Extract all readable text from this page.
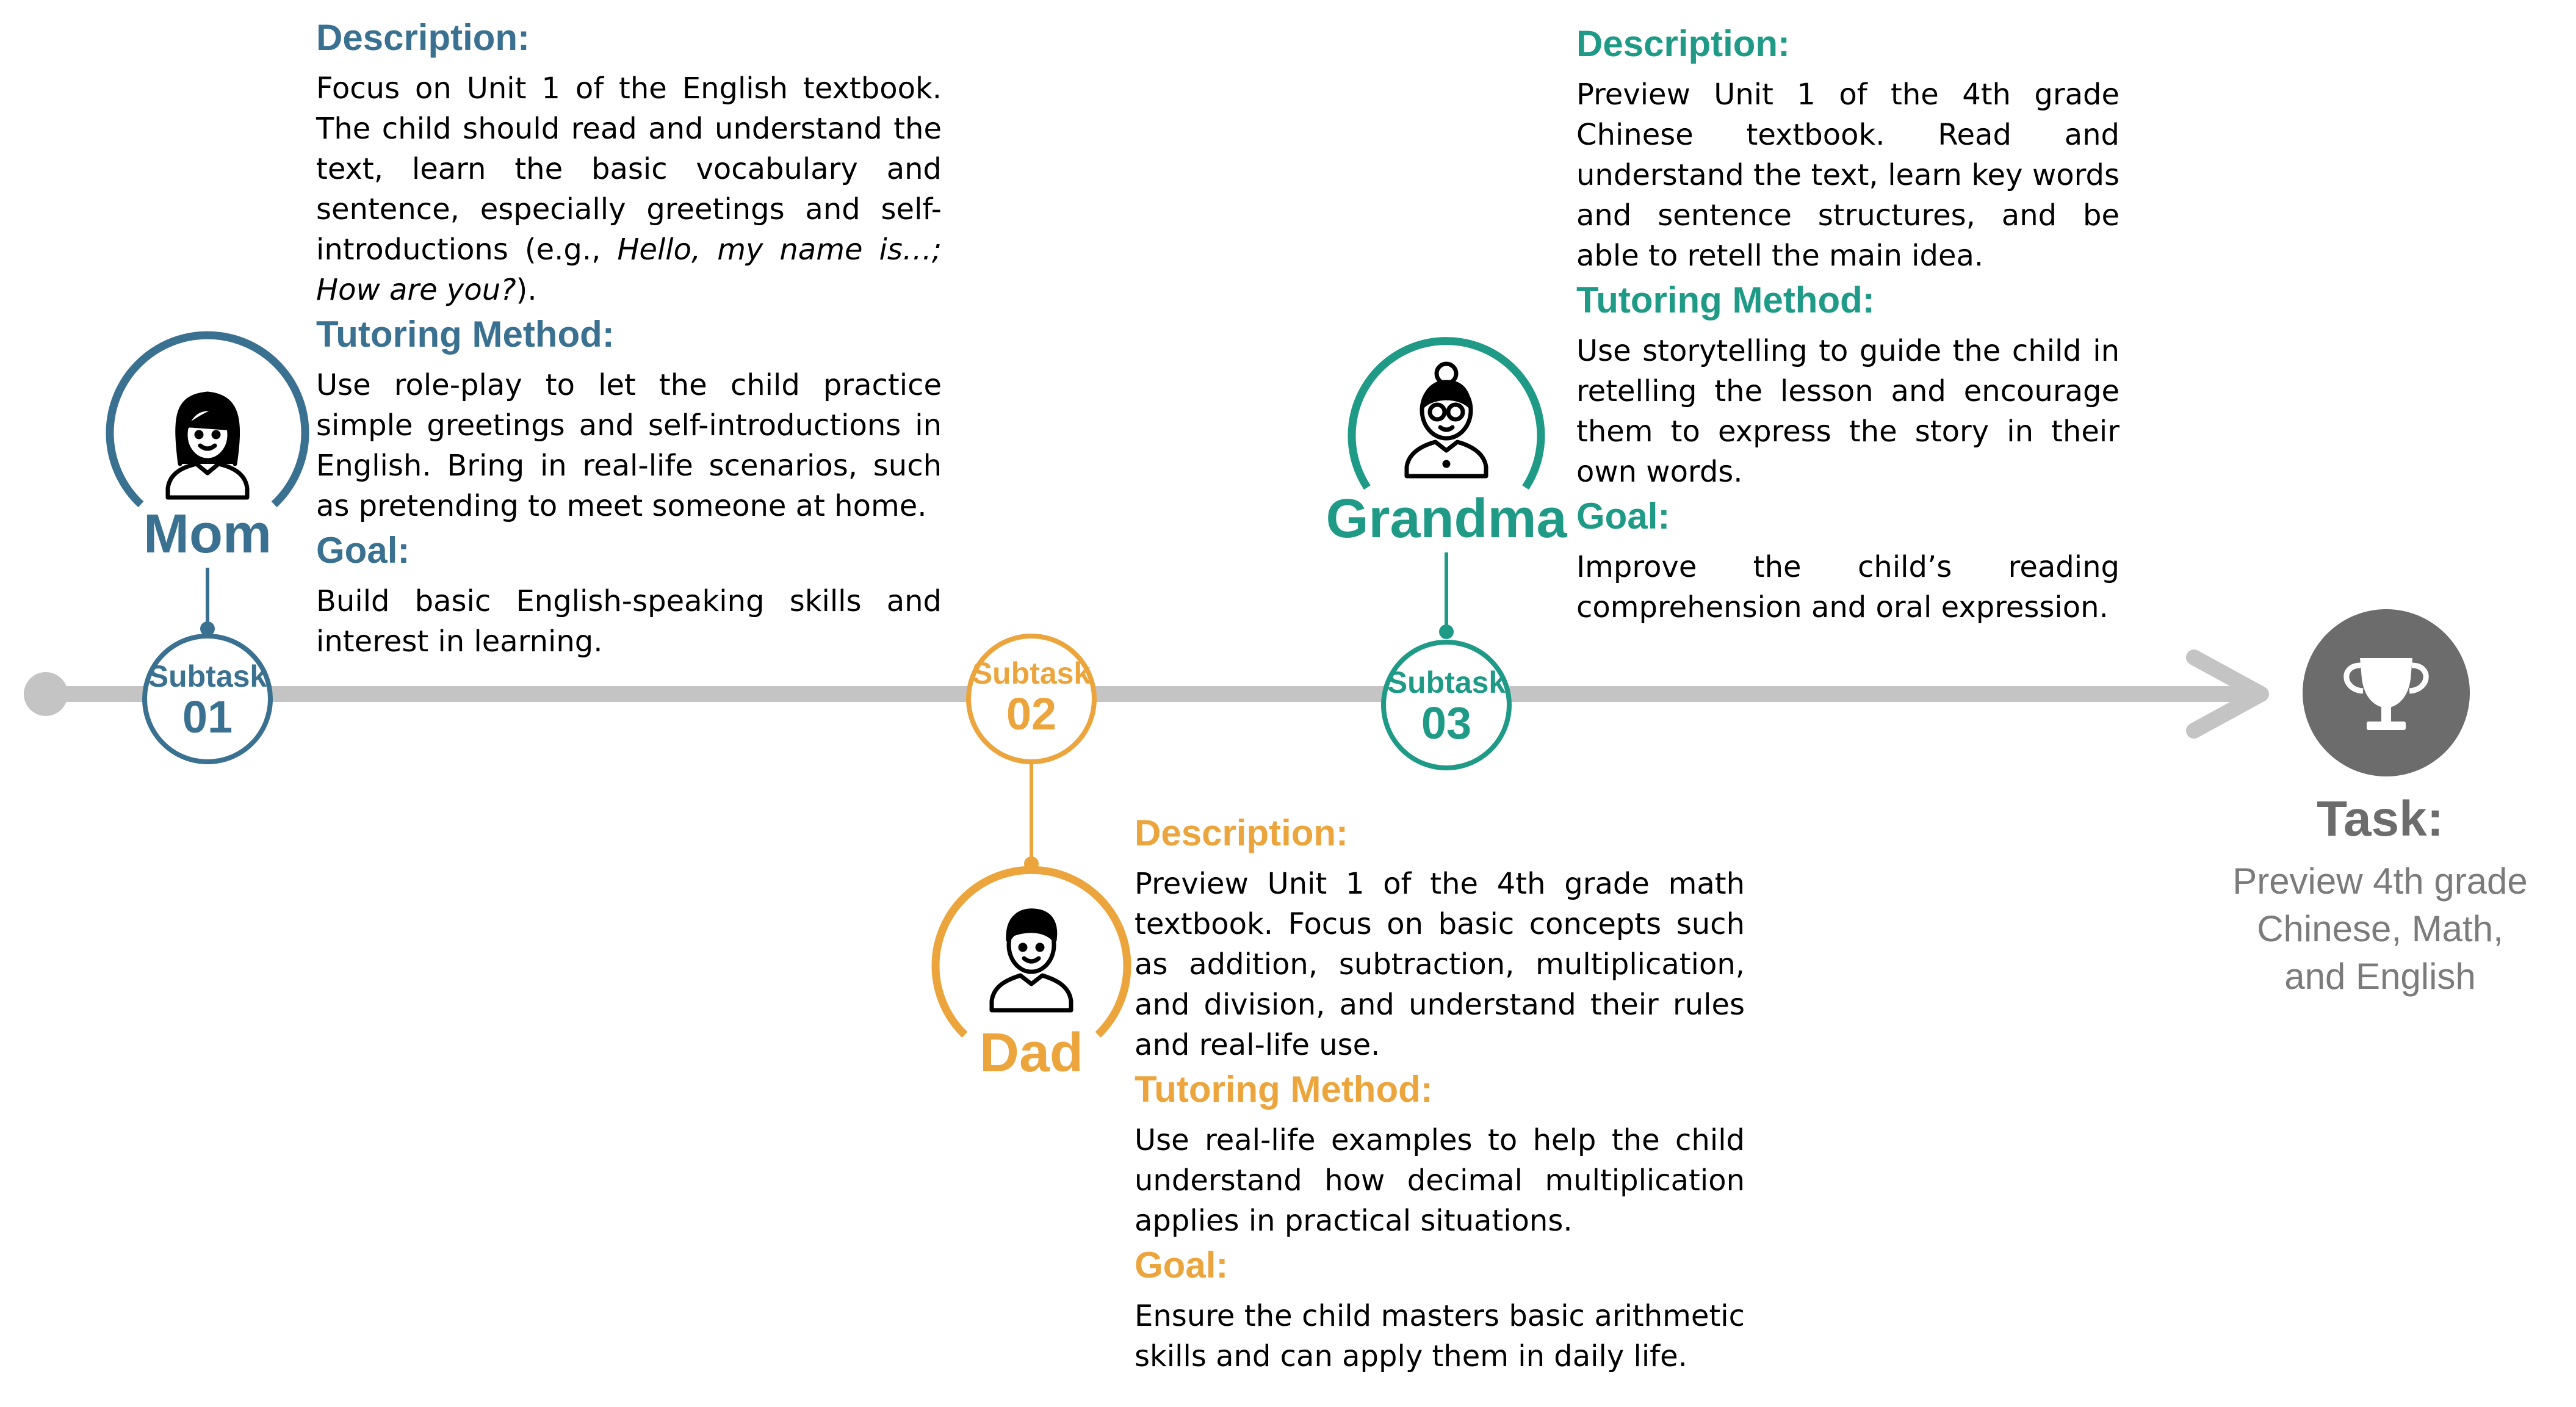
Mom
Subtask
01
Subtask
02
Dad
Grandma
Subtask
03
Description:
Focus on Unit 1 of the English textbook. The child should read and understand the text, learn the basic vocabulary and sentence, especially greetings and self-introductions (e.g., Hello, my name is…; How are you?).
Tutoring Method:
Use role-play to let the child practice simple greetings and self-introductions in English. Bring in real-life scenarios, such as pretending to meet someone at home.
Goal:
Build basic English-speaking skills and interest in learning.
Description:
Preview Unit 1 of the 4th grade Chinese textbook. Read and understand the text, learn key words and sentence structures, and be able to retell the main idea.
Tutoring Method:
Use storytelling to guide the child in retelling the lesson and encourage them to express the story in their own words.
Goal:
Improve the child’s reading comprehension and oral expression.
Description:
Preview Unit 1 of the 4th grade math textbook. Focus on basic concepts such as addition, subtraction, multiplication, and division, and understand their rules and real-life use.
Tutoring Method:
Use real-life examples to help the child understand how decimal multiplication applies in practical situations.
Goal:
Ensure the child masters basic arithmetic skills and can apply them in daily life.
Task:
Preview 4th grade
Chinese, Math,
and English
